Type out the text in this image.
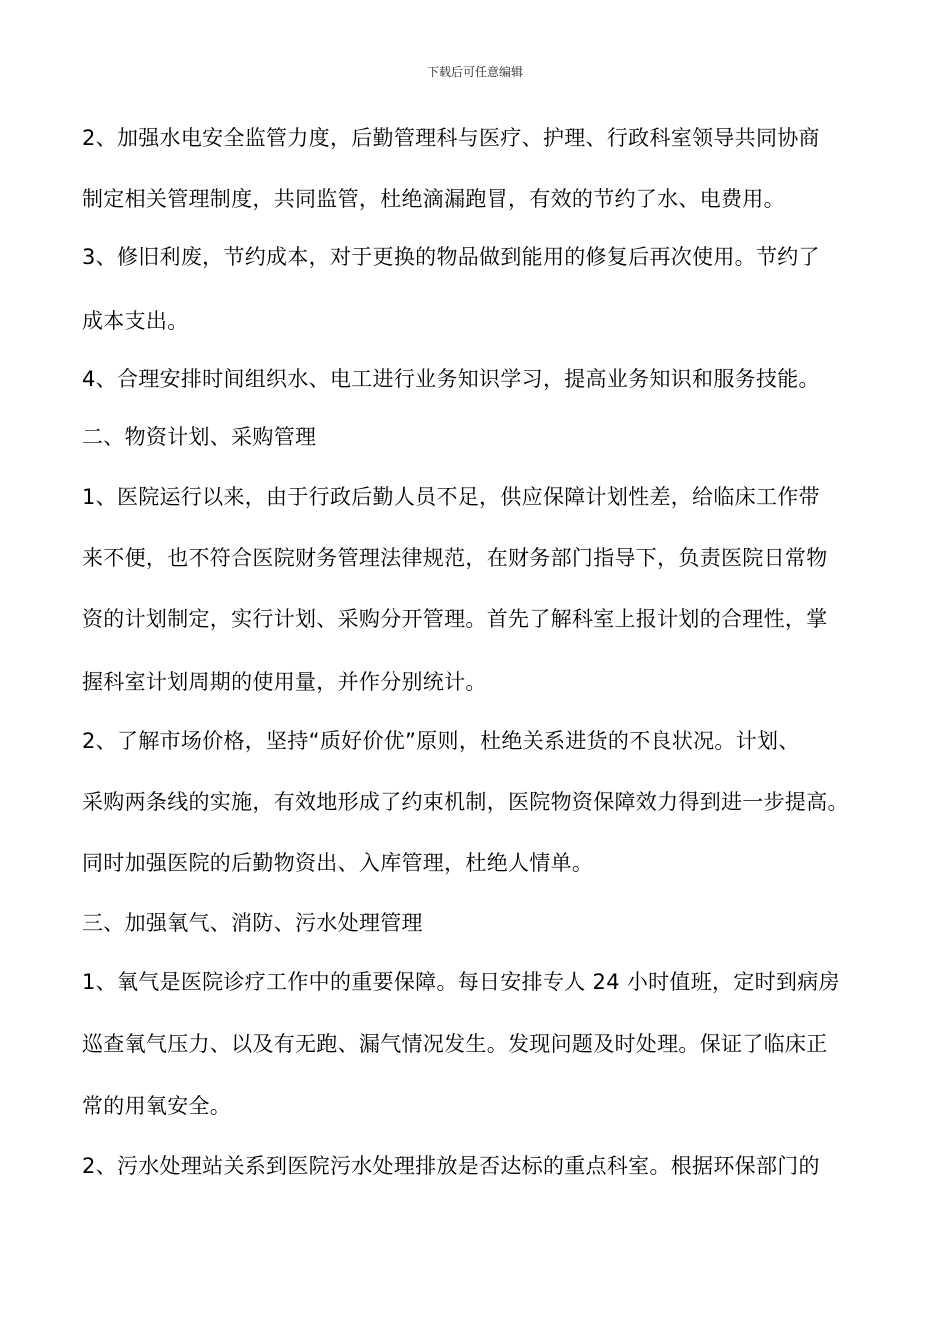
下载后可任意编辑
2、加强水电安全监管力度，后勤管理科与医疗、护理、行政科室领导共同协商
制定相关管理制度，共同监管，杜绝滴漏跑冒，有效的节约了水、电费用。
3、修旧利废，节约成本，对于更换的物品做到能用的修复后再次使用。节约了
成本支出。
4、合理安排时间组织水、电工进行业务知识学习，提高业务知识和服务技能。
二、物资计划、采购管理
1、医院运行以来，由于行政后勤人员不足，供应保障计划性差，给临床工作带
来不便，也不符合医院财务管理法律规范，在财务部门指导下，负责医院日常物
资的计划制定，实行计划、采购分开管理。首先了解科室上报计划的合理性，掌
握科室计划周期的使用量，并作分别统计。
2、了解市场价格，坚持“质好价优”原则，杜绝关系进货的不良状况。计划、
采购两条线的实施，有效地形成了约束机制，医院物资保障效力得到进一步提高。
同时加强医院的后勤物资出、入库管理，杜绝人情单。
三、加强氧气、消防、污水处理管理
1、氧气是医院诊疗工作中的重要保障。每日安排专人 24 小时值班，定时到病房
巡查氧气压力、以及有无跑、漏气情况发生。发现问题及时处理。保证了临床正
常的用氧安全。
2、污水处理站关系到医院污水处理排放是否达标的重点科室。根据环保部门的
